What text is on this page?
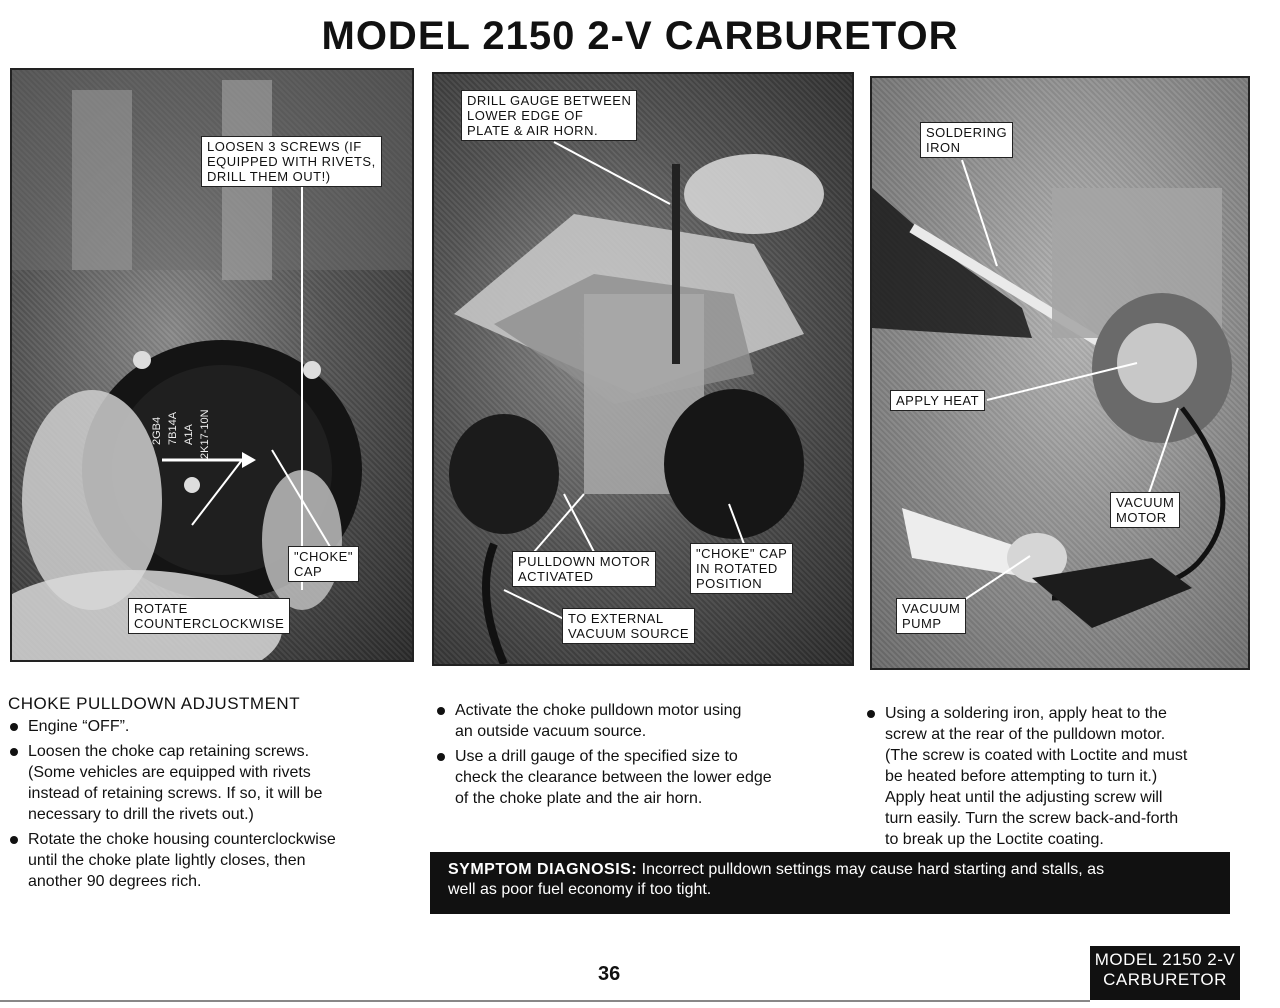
MODEL 2150 2-V CARBURETOR
2GB4 7B14A A1A 2K17-10N
LOOSEN 3 SCREWS (IF
EQUIPPED WITH RIVETS,
DRILL THEM OUT!)
"CHOKE"
CAP
ROTATE
COUNTERCLOCKWISE
DRILL GAUGE BETWEEN
LOWER EDGE OF
PLATE & AIR HORN.
PULLDOWN MOTOR
ACTIVATED
"CHOKE" CAP
IN ROTATED
POSITION
TO EXTERNAL
VACUUM SOURCE
SOLDERING
IRON
APPLY HEAT
VACUUM
MOTOR
VACUUM
PUMP
CHOKE PULLDOWN ADJUSTMENT
Engine “OFF”.
Loosen the choke cap retaining screws.
(Some vehicles are equipped with rivets
instead of retaining screws. If so, it will be
necessary to drill the rivets out.)
Rotate the choke housing counterclockwise
until the choke plate lightly closes, then
another 90 degrees rich.
Activate the choke pulldown motor using
an outside vacuum source.
Use a drill gauge of the specified size to
check the clearance between the lower edge
of the choke plate and the air horn.
Using a soldering iron, apply heat to the
screw at the rear of the pulldown motor.
(The screw is coated with Loctite and must
be heated before attempting to turn it.)
Apply heat until the adjusting screw will
turn easily. Turn the screw back-and-forth
to break up the Loctite coating.
SYMPTOM DIAGNOSIS: Incorrect pulldown settings may cause hard starting and stalls, as
well as poor fuel economy if too tight.
36
MODEL 2150 2-V
CARBURETOR
